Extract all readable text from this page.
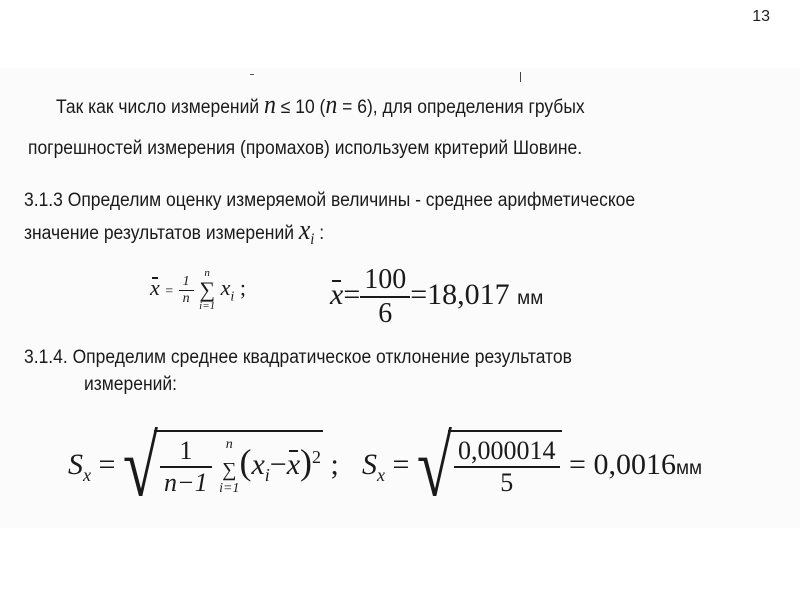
13
Так как число измерений n ≤ 10 (n = 6), для определения грубых
погрешностей измерения (промахов) используем критерий Шовине.
3.1.3 Определим оценку измеряемой величины - среднее арифметическое
значение результатов измерений $x_i$ :
$x = \frac{1}{n}$

n
∑
i=1
$x_i$ ;	$x= \frac{100}{6} =18,017$ мм
3.1.4. Определим среднее квадратическое отклонение результатов
измерений:
$S_x$ = √ $\frac{1}{n-1}$
	n
∑
i=1
$(x_i-x)^2$ ; $S_x$ = √ $\frac{0,000014}{5} = 0,0016мм$
